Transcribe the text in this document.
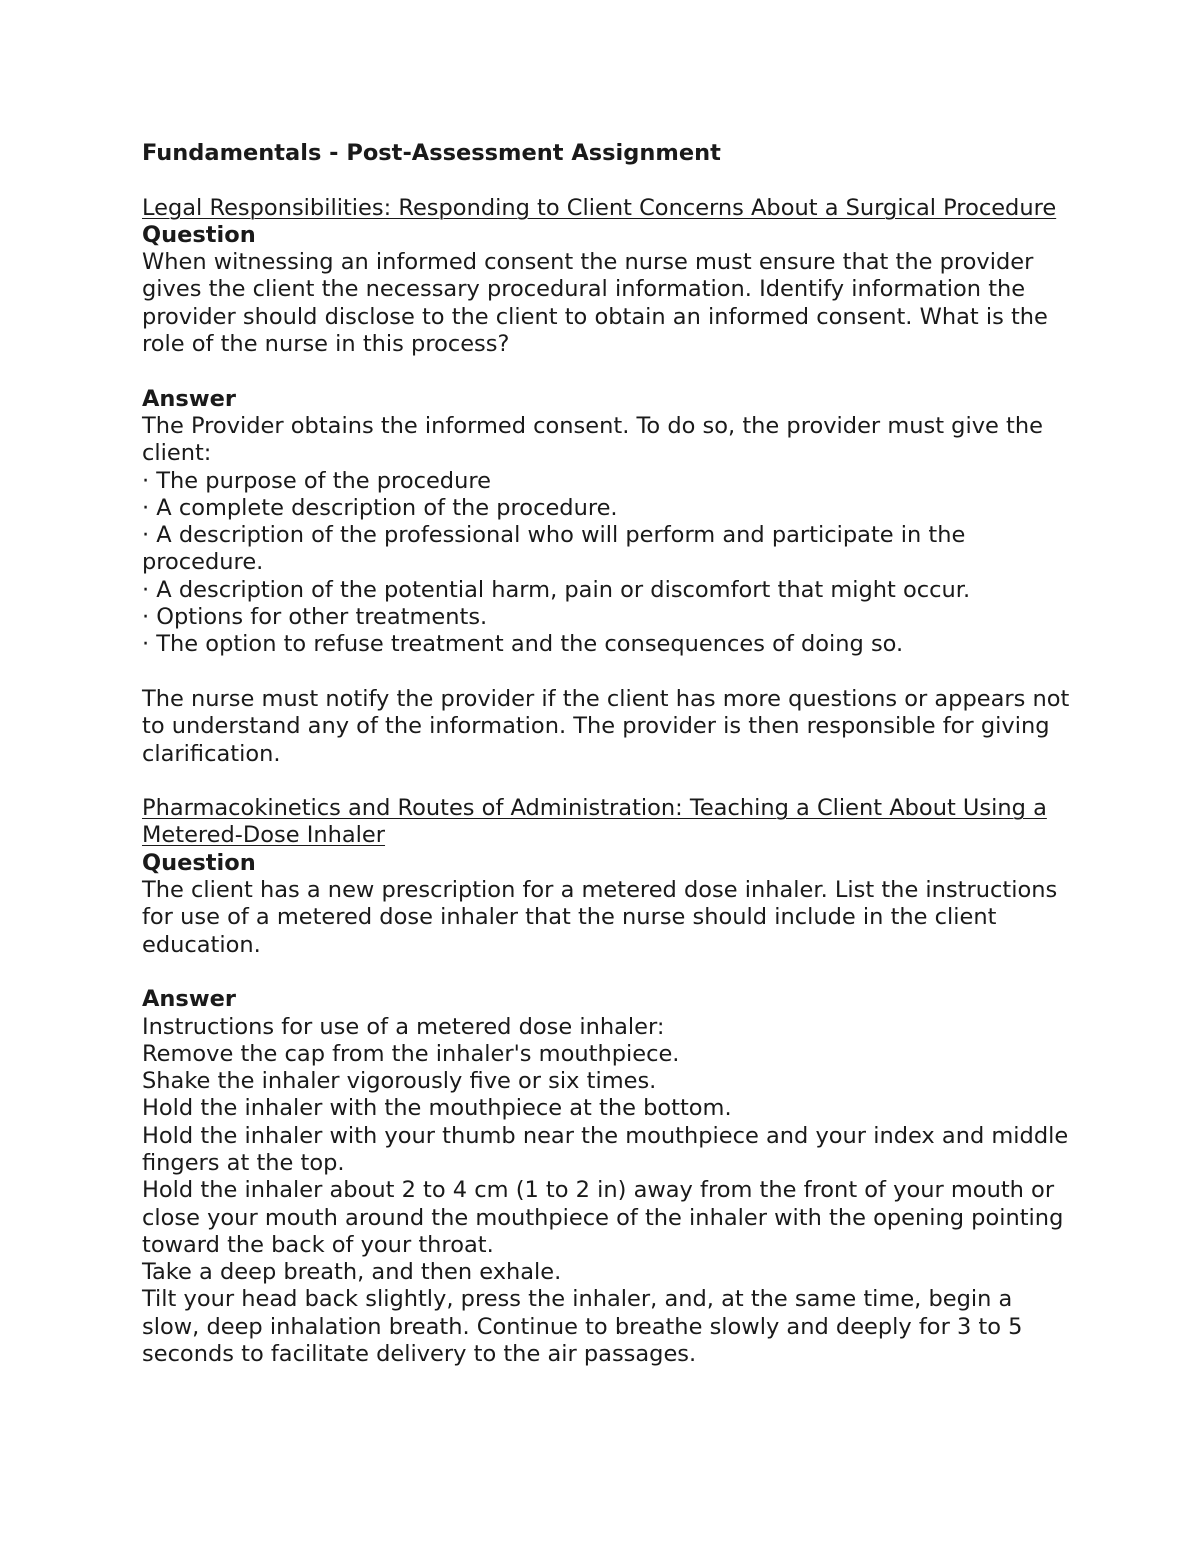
Fundamentals - Post-Assessment Assignment

Legal Responsibilities: Responding to Client Concerns About a Surgical Procedure

Question

When witnessing an informed consent the nurse must ensure that the provider gives the client the necessary procedural information. Identify information the provider should disclose to the client to obtain an informed consent. What is the role of the nurse in this process?

Answer

The Provider obtains the informed consent. To do so, the provider must give the client:

· The purpose of the procedure
· A complete description of the procedure.
· A description of the professional who will perform and participate in the procedure.
· A description of the potential harm, pain or discomfort that might occur.
· Options for other treatments.
· The option to refuse treatment and the consequences of doing so.

The nurse must notify the provider if the client has more questions or appears not to understand any of the information. The provider is then responsible for giving clarification.

Pharmacokinetics and Routes of Administration: Teaching a Client About Using a Metered-Dose Inhaler

Question

The client has a new prescription for a metered dose inhaler. List the instructions for use of a metered dose inhaler that the nurse should include in the client education.

Answer

Instructions for use of a metered dose inhaler:

Remove the cap from the inhaler's mouthpiece.
Shake the inhaler vigorously five or six times.
Hold the inhaler with the mouthpiece at the bottom.
Hold the inhaler with your thumb near the mouthpiece and your index and middle fingers at the top.
Hold the inhaler about 2 to 4 cm (1 to 2 in) away from the front of your mouth or close your mouth around the mouthpiece of the inhaler with the opening pointing toward the back of your throat.
Take a deep breath, and then exhale.
Tilt your head back slightly, press the inhaler, and, at the same time, begin a slow, deep inhalation breath. Continue to breathe slowly and deeply for 3 to 5 seconds to facilitate delivery to the air passages.
